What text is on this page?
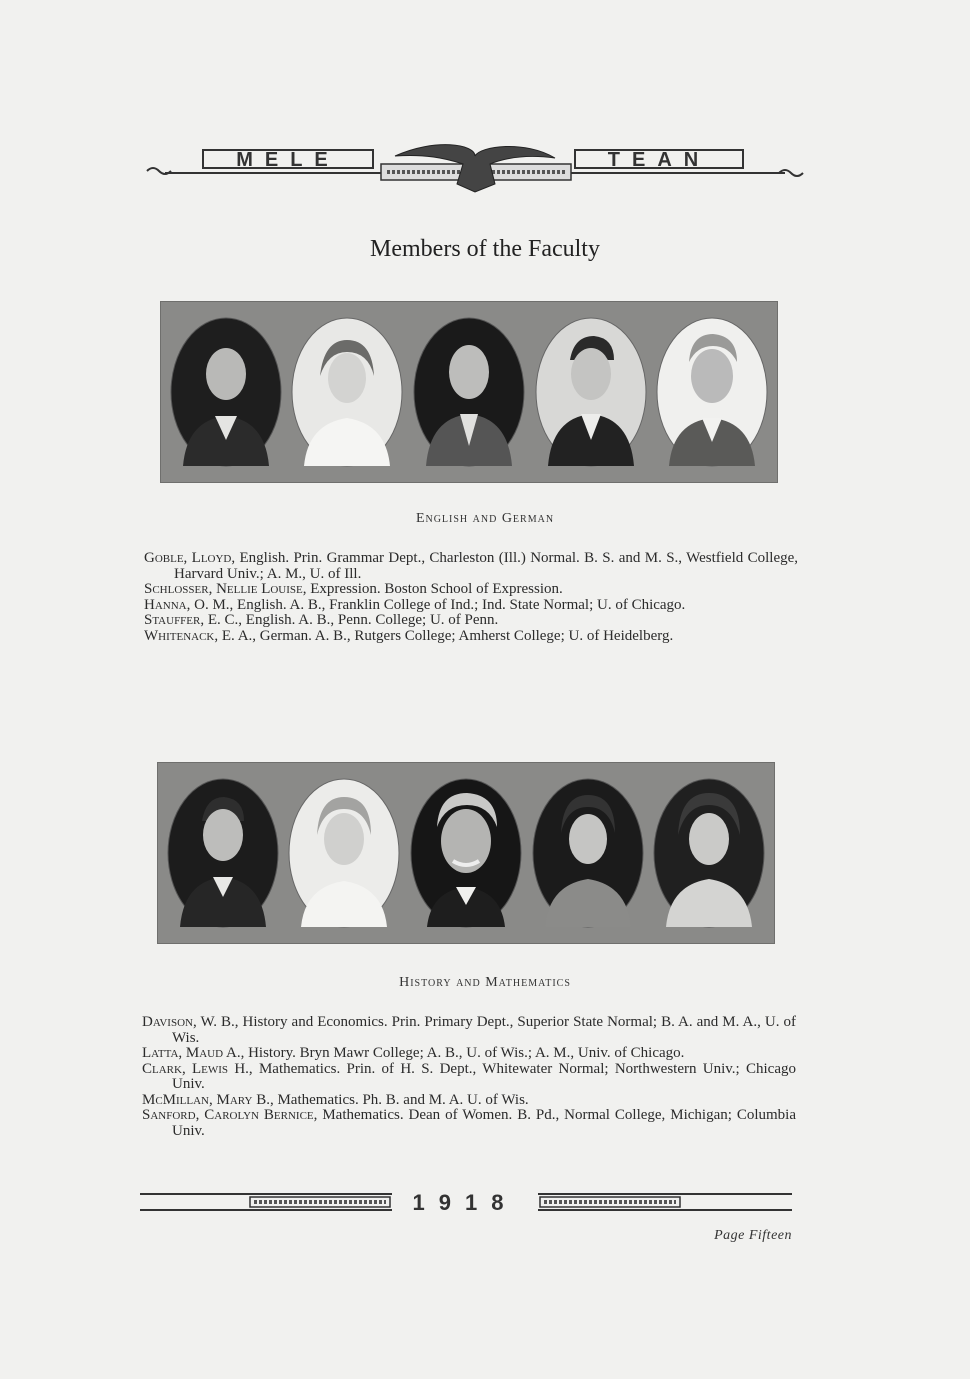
MELE	TEAN
Members of the Faculty
English and German

Goble, Lloyd, English. Prin. Grammar Dept., Charleston (Ill.) Normal. B. S. and M. S., Westfield College, Harvard Univ.; A. M., U. of Ill.

Schlosser, Nellie Louise, Expression. Boston School of Expression.

Hanna, O. M., English. A. B., Franklin College of Ind.; Ind. State Normal; U. of Chicago.

Stauffer, E. C., English. A. B., Penn. College; U. of Penn.

Whitenack, E. A., German. A. B., Rutgers College; Amherst College; U. of Heidelberg.

History and Mathematics

Davison, W. B., History and Economics. Prin. Primary Dept., Superior State Normal; B. A. and M. A., U. of Wis.

Latta, Maud A., History. Bryn Mawr College; A. B., U. of Wis.; A. M., Univ. of Chicago.

Clark, Lewis H., Mathematics. Prin. of H. S. Dept., Whitewater Normal; Northwestern Univ.; Chicago Univ.

McMillan, Mary B., Mathematics. Ph. B. and M. A. U. of Wis.

Sanford, Carolyn Bernice, Mathematics. Dean of Women. B. Pd., Normal College, Michigan; Columbia Univ.

1918
Page Fifteen
